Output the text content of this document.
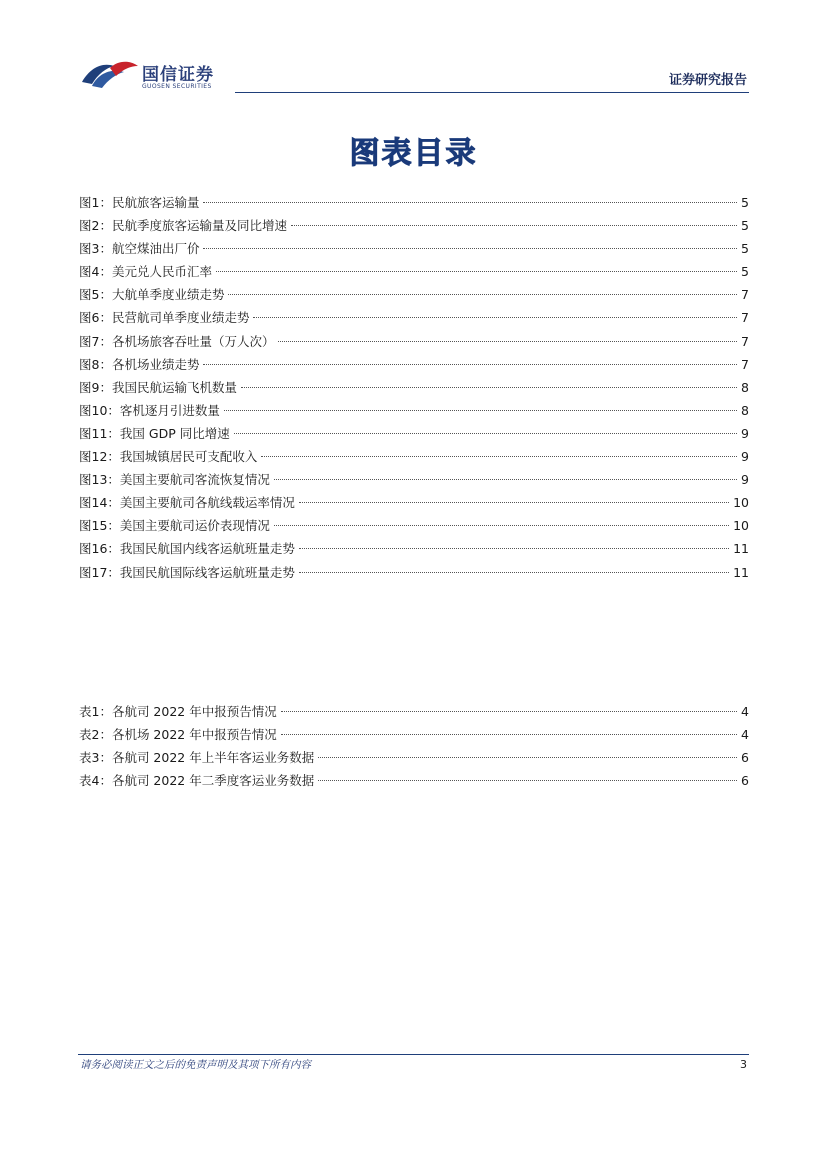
国信证券
GUOSEN SECURITIES	证券研究报告
图表目录
图1： 民航旅客运输量	5
图2： 民航季度旅客运输量及同比增速	5
图3： 航空煤油出厂价	5
图4： 美元兑人民币汇率	5
图5： 大航单季度业绩走势	7
图6： 民营航司单季度业绩走势	7
图7： 各机场旅客吞吐量（万人次）	7
图8： 各机场业绩走势	7
图9： 我国民航运输飞机数量	8
图10： 客机逐月引进数量	8
图11： 我国 GDP 同比增速	9
图12： 我国城镇居民可支配收入	9
图13： 美国主要航司客流恢复情况	9
图14： 美国主要航司各航线载运率情况	10
图15： 美国主要航司运价表现情况	10
图16： 我国民航国内线客运航班量走势	11
图17： 我国民航国际线客运航班量走势	11
表1： 各航司 2022 年中报预告情况	4
表2： 各机场 2022 年中报预告情况	4
表3： 各航司 2022 年上半年客运业务数据	6
表4： 各航司 2022 年二季度客运业务数据	6
请务必阅读正文之后的免责声明及其项下所有内容	3
